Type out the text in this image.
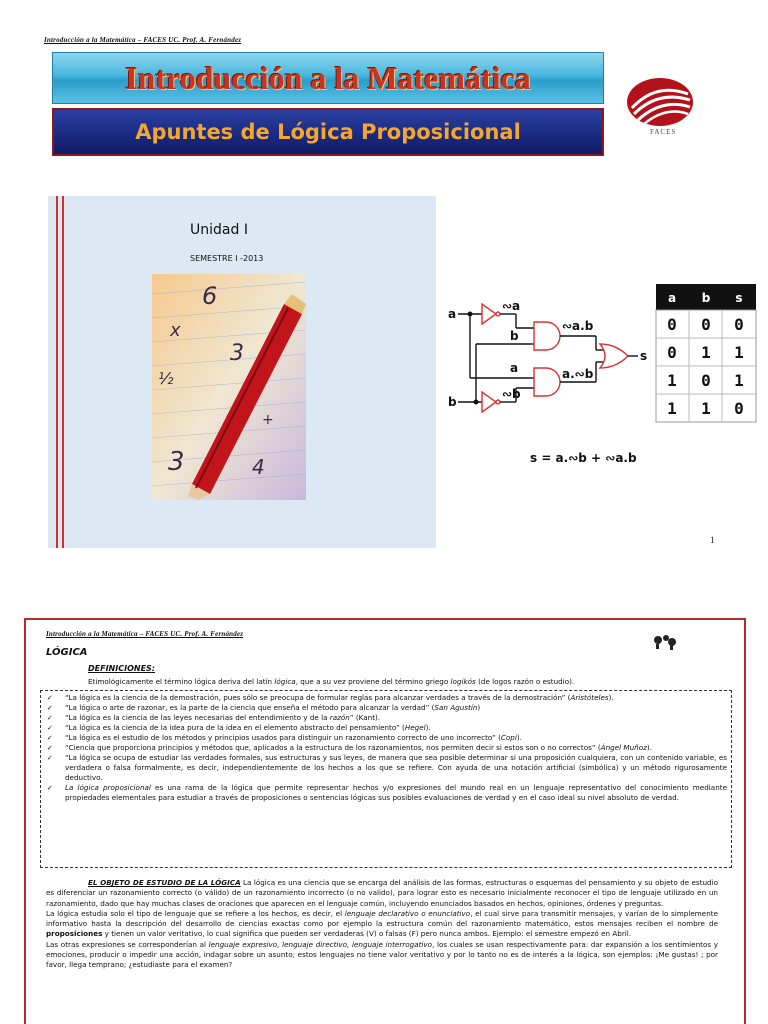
Introducción a la Matemática – FACES UC. Prof. A. Fernández
Introducción a la Matemática
Apuntes de Lógica Proposicional	FACES
Unidad I
SEMESTRE I -2013
6
x
3
½
3	4
+
a
b
∾a
∾b
b
a
∾a.b
a.∾b
s
s = a.∾b + ∾a.b
a b s
0 0 0
0 1 1
1 0 1
1 1 0
1
Introducción a la Matemática – FACES UC. Prof. A. Fernández
LÓGICA
DEFINICIONES:
Etimológicamente el término lógica deriva del latín lógica, que a su vez proviene del término griego logikós (de logos razón o estudio).
✓ “La lógica es la ciencia de la demostración, pues sólo se preocupa de formular reglas para alcanzar verdades a través de la demostración” (Aristóteles).
✓ “La lógica o arte de razonar, es la parte de la ciencia que enseña el método para alcanzar la verdad” (San Agustín)
✓ “La lógica es la ciencia de las leyes necesarias del entendimiento y de la razón” (Kant).
✓ “La lógica es la ciencia de la idea pura de la idea en el elemento abstracto del pensamiento” (Hegel).
✓ “La lógica es el estudio de los métodos y principios usados para distinguir un razonamiento correcto de uno incorrecto” (Copi).
✓ “Ciencia que proporciona principios y métodos que, aplicados a la estructura de los razonamientos, nos permiten decir si estos son o no correctos” (Ángel Muñoz).
✓ “La lógica se ocupa de estudiar las verdades formales, sus estructuras y sus leyes, de manera que sea posible determinar si una proposición cualquiera, con un contenido variable, es verdadera o falsa formalmente, es decir, independientemente de los hechos a los que se refiere. Con ayuda de una notación artificial (simbólica) y un método rigurosamente deductivo.
✓ La lógica proposicional es una rama de la lógica que permite representar hechos y/o expresiones del mundo real en un lenguaje representativo del conocimiento mediante propiedades elementales para estudiar a través de proposiciones o sentencias lógicas sus posibles evaluaciones de verdad y en el caso ideal su nivel absoluto de verdad.

EL OBJETO DE ESTUDIO DE LA LÓGICA La lógica es una ciencia que se encarga del análisis de las formas, estructuras o esquemas del pensamiento y su objeto de estudio es diferenciar un razonamiento correcto (o válido) de un razonamiento incorrecto (o no valido), para lograr esto es necesario inicialmente reconocer el tipo de lenguaje utilizado en un razonamiento, dado que hay muchas clases de oraciones que aparecen en el lenguaje común, incluyendo enunciados basados en hechos, opiniones, órdenes y preguntas.

La lógica estudia solo el tipo de lenguaje que se refiere a los hechos, es decir, el lenguaje declarativo o enunciativo, el cual sirve para transmitir mensajes, y varían de lo simplemente informativo hasta la descripción del desarrollo de ciencias exactas como por ejemplo la estructura común del razonamiento matemático, estos mensajes reciben el nombre de proposiciones y tienen un valor veritativo, lo cual significa que pueden ser verdaderas (V) o falsas (F) pero nunca ambos. Ejemplo: el semestre empezó en Abril.

Las otras expresiones se corresponderían al lenguaje expresivo, lenguaje directivo, lenguaje interrogativo, los cuales se usan respectivamente para: dar expansión a los sentimientos y emociones, producir o impedir una acción, indagar sobre un asunto; estos lenguajes no tiene valor veritativo y por lo tanto no es de interés a la lógica, son ejemplos: ¡Me gustas! ; por favor, llega temprano; ¿estudiaste para el examen?
